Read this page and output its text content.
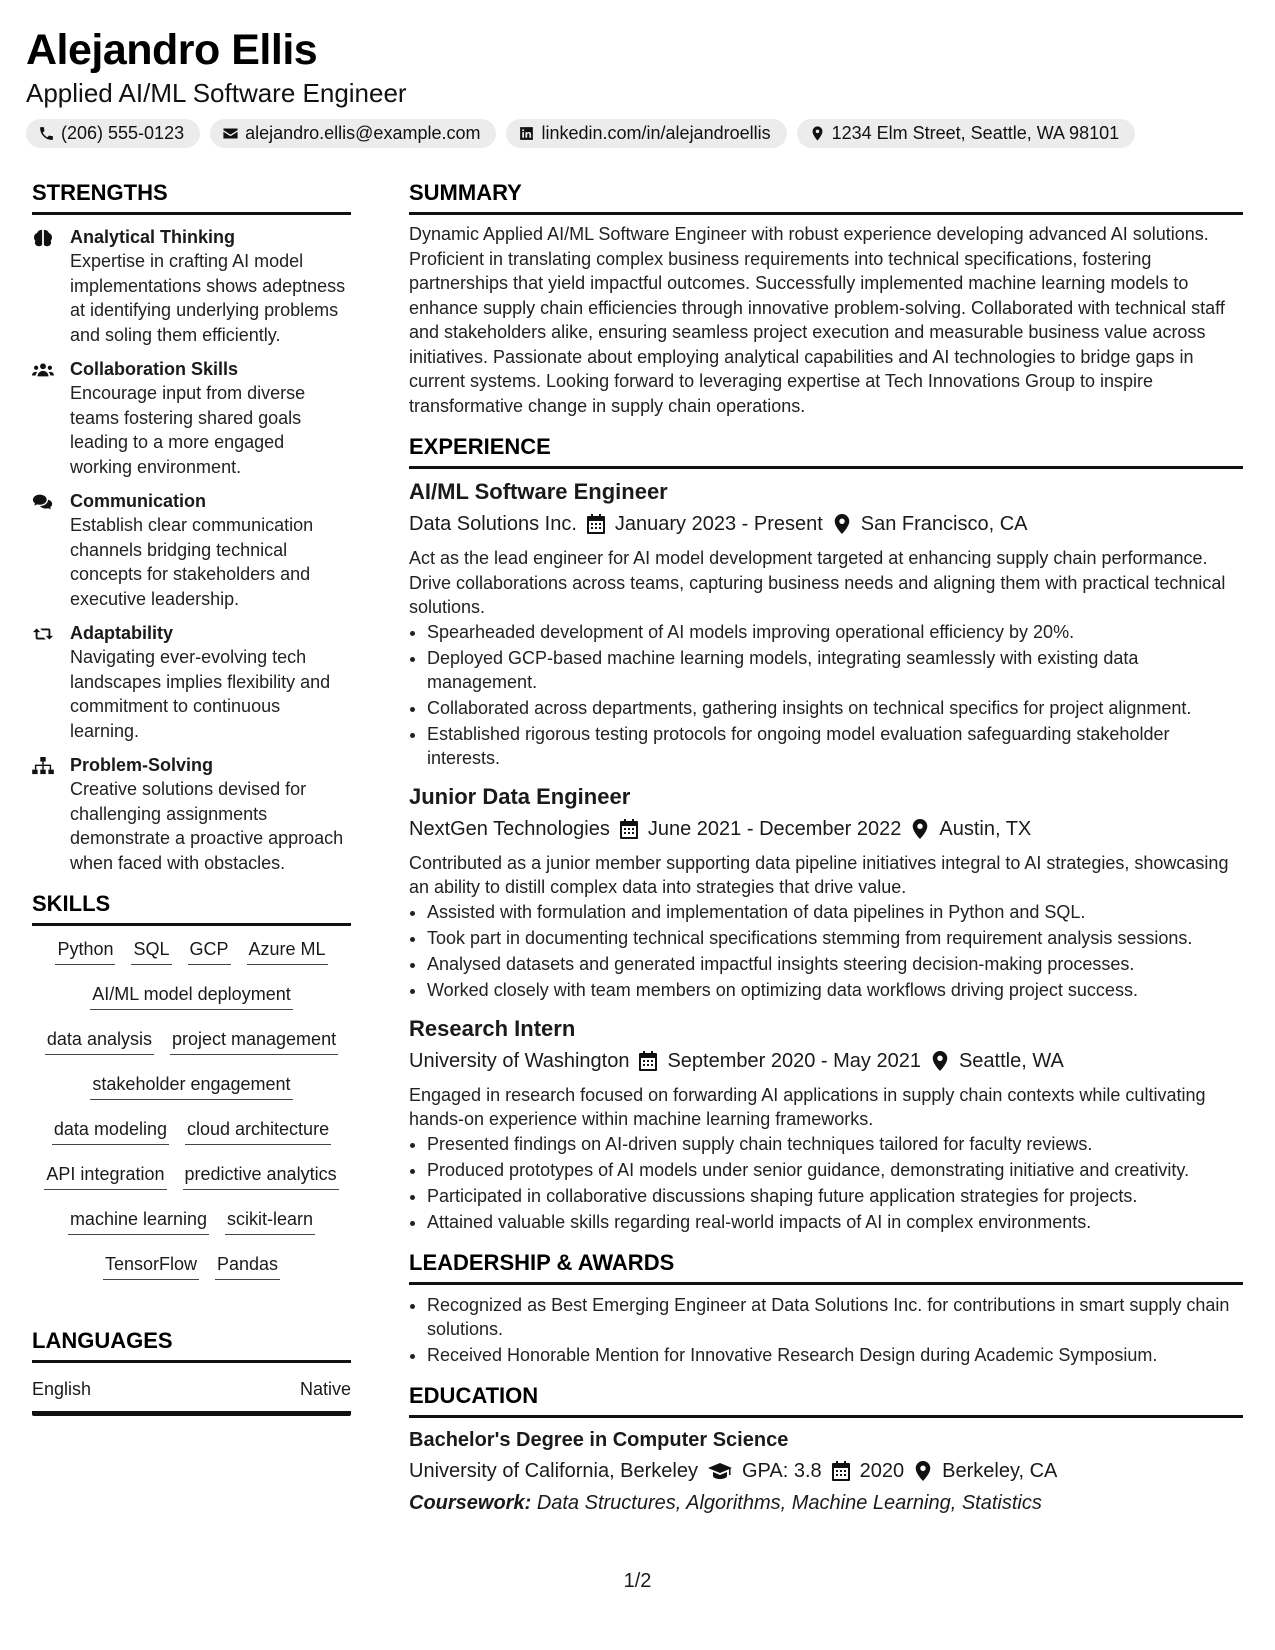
Alejandro Ellis
Applied AI/ML Software Engineer
(206) 555-0123	alejandro.ellis@example.com	linkedin.com/in/alejandroellis	1234 Elm Street, Seattle, WA 98101
STRENGTHS
Analytical Thinking
Expertise in crafting AI model implementations shows adeptness at identifying underlying problems and soling them efficiently.
Collaboration Skills
Encourage input from diverse teams fostering shared goals leading to a more engaged working environment.
Communication
Establish clear communication channels bridging technical concepts for stakeholders and executive leadership.
Adaptability
Navigating ever-evolving tech landscapes implies flexibility and commitment to continuous learning.
Problem-Solving
Creative solutions devised for challenging assignments demonstrate a proactive approach when faced with obstacles.
SKILLS
Python SQL GCP Azure ML
AI/ML model deployment
data analysis project management
stakeholder engagement
data modeling cloud architecture
API integration predictive analytics
machine learning scikit-learn
TensorFlow Pandas
LANGUAGES
English	Native
SUMMARY
Dynamic Applied AI/ML Software Engineer with robust experience developing advanced AI solutions. Proficient in translating complex business requirements into technical specifications, fostering partnerships that yield impactful outcomes. Successfully implemented machine learning models to enhance supply chain efficiencies through innovative problem-solving. Collaborated with technical staff and stakeholders alike, ensuring seamless project execution and measurable business value across initiatives. Passionate about employing analytical capabilities and AI technologies to bridge gaps in current systems. Looking forward to leveraging expertise at Tech Innovations Group to inspire transformative change in supply chain operations.
EXPERIENCE
AI/ML Software Engineer
Data Solutions Inc. January 2023 - Present San Francisco, CA
Act as the lead engineer for AI model development targeted at enhancing supply chain performance. Drive collaborations across teams, capturing business needs and aligning them with practical technical solutions.
• Spearheaded development of AI models improving operational efficiency by 20%.
• Deployed GCP-based machine learning models, integrating seamlessly with existing data management.
• Collaborated across departments, gathering insights on technical specifics for project alignment.
• Established rigorous testing protocols for ongoing model evaluation safeguarding stakeholder interests.
Junior Data Engineer
NextGen Technologies June 2021 - December 2022 Austin, TX
Contributed as a junior member supporting data pipeline initiatives integral to AI strategies, showcasing an ability to distill complex data into strategies that drive value.
• Assisted with formulation and implementation of data pipelines in Python and SQL.
• Took part in documenting technical specifications stemming from requirement analysis sessions.
• Analysed datasets and generated impactful insights steering decision-making processes.
• Worked closely with team members on optimizing data workflows driving project success.
Research Intern
University of Washington September 2020 - May 2021 Seattle, WA
Engaged in research focused on forwarding AI applications in supply chain contexts while cultivating hands-on experience within machine learning frameworks.
• Presented findings on AI-driven supply chain techniques tailored for faculty reviews.
• Produced prototypes of AI models under senior guidance, demonstrating initiative and creativity.
• Participated in collaborative discussions shaping future application strategies for projects.
• Attained valuable skills regarding real-world impacts of AI in complex environments.
LEADERSHIP & AWARDS
• Recognized as Best Emerging Engineer at Data Solutions Inc. for contributions in smart supply chain solutions.
• Received Honorable Mention for Innovative Research Design during Academic Symposium.
EDUCATION
Bachelor's Degree in Computer Science
University of California, Berkeley GPA: 3.8 2020 Berkeley, CA
Coursework: Data Structures, Algorithms, Machine Learning, Statistics
1/2
